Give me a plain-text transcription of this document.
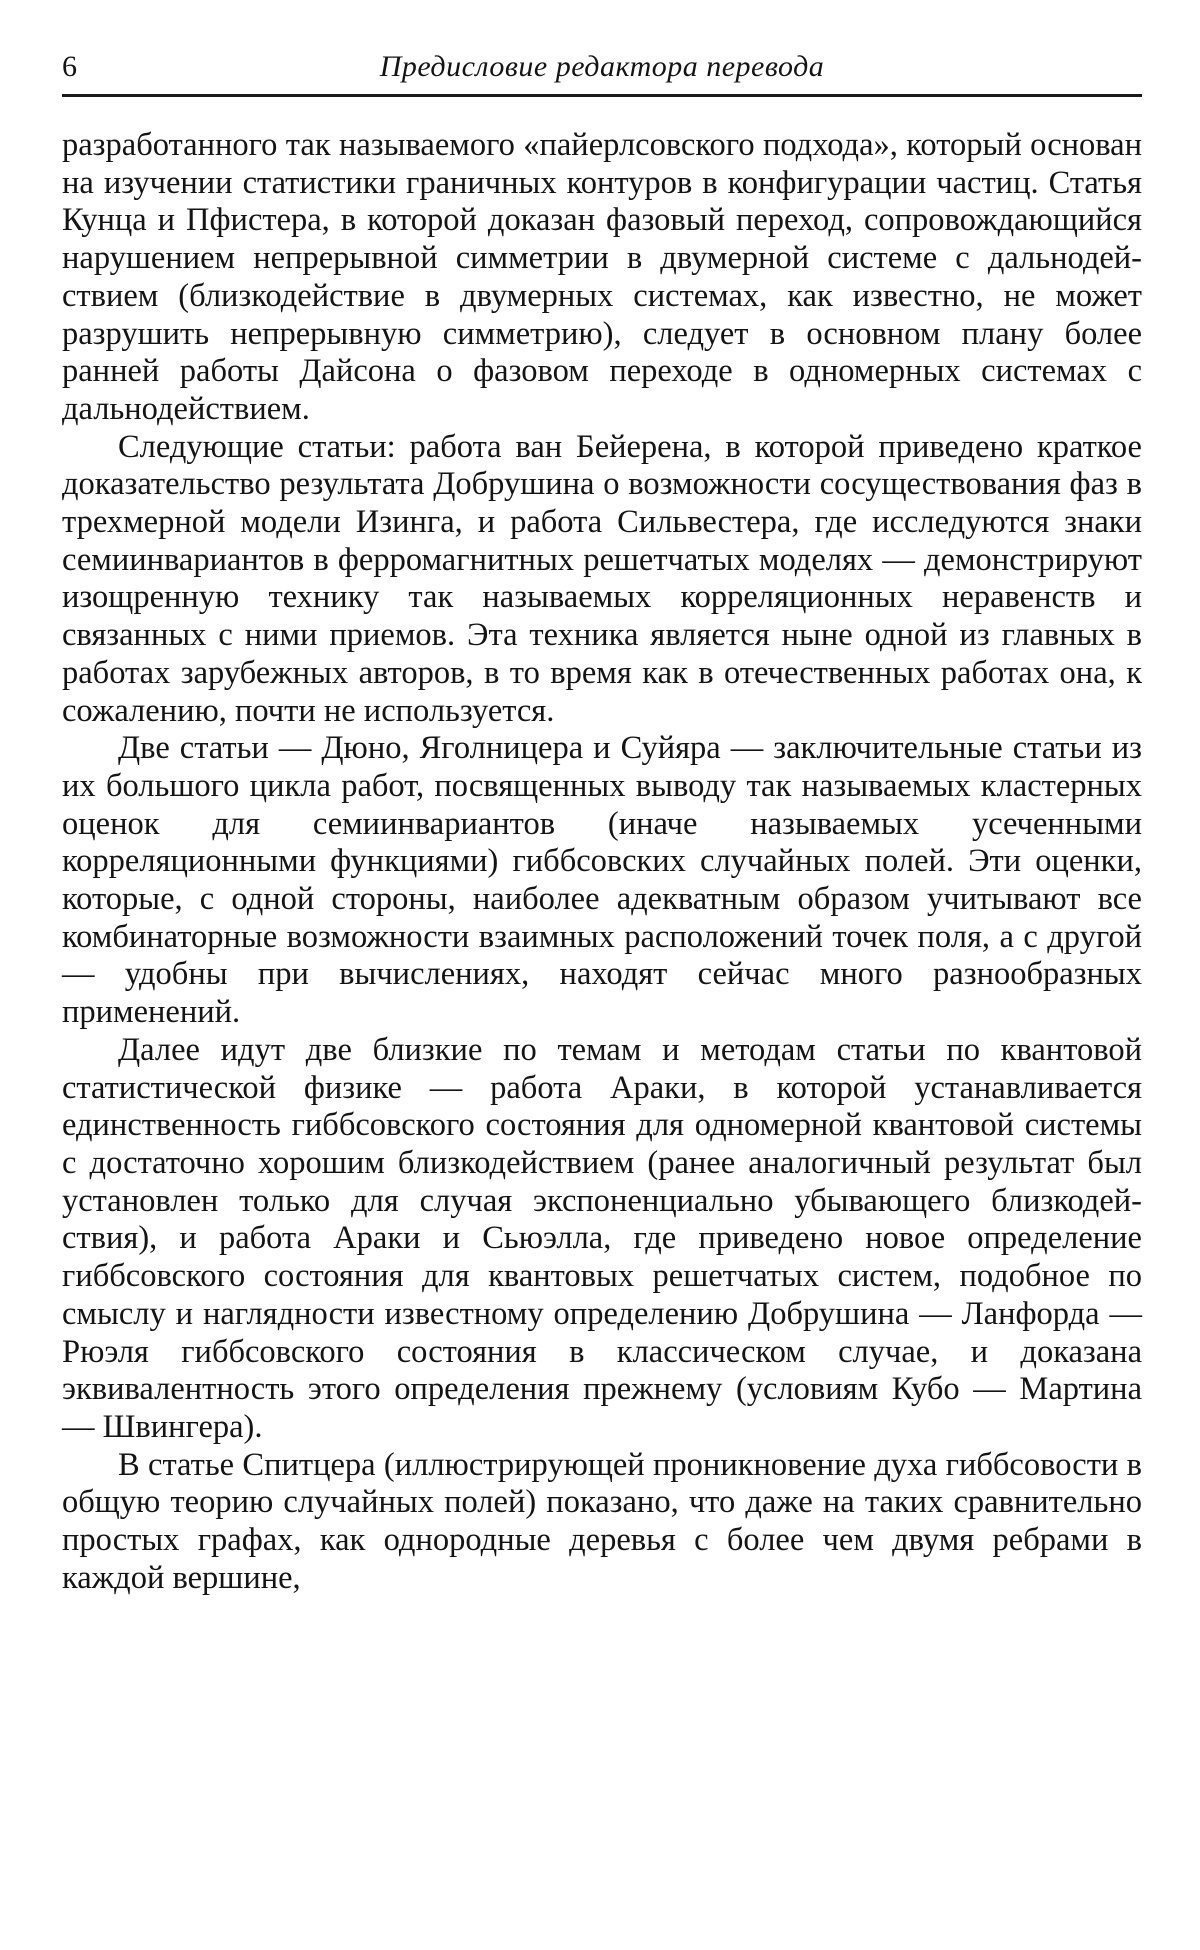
6	Предисловие редактора перевода

разработанного так называемого «пайерлсовского подхода», который основан на изучении статистики граничных контуров в конфигурации частиц. Статья Кунца и Пфистера, в которой доказан фазовый переход, сопровождающийся нарушением непрерывной симметрии в двумерной системе с дальнодействием (близкодействие в двумерных системах, как известно, не может разрушить непрерывную симметрию), следует в основном плану более ранней работы Дайсона о фазовом переходе в одномерных системах с дальнодействием.

Следующие статьи: работа ван Бейерена, в которой приведено краткое доказательство результата Добрушина о возможности сосуществования фаз в трехмерной модели Изинга, и работа Сильвестера, где исследуются знаки семиинвариантов в ферромагнитных решетчатых моделях — демонстрируют изощренную технику так называемых корреляционных неравенств и связанных с ними приемов. Эта техника является ныне одной из главных в работах зарубежных авторов, в то время как в отечественных работах она, к сожалению, почти не используется.

Две статьи — Дюно, Яголницера и Суйяра — заключительные статьи из их большого цикла работ, посвященных выводу так называемых кластерных оценок для семиинвариантов (иначе называемых усеченными корреляционными функциями) гиббсовских случайных полей. Эти оценки, которые, с одной стороны, наиболее адекватным образом учитывают все комбинаторные возможности взаимных расположений точек поля, а с другой — удобны при вычислениях, находят сейчас много разнообразных применений.

Далее идут две близкие по темам и методам статьи по квантовой статистической физике — работа Араки, в которой устанавливается единственность гиббсовского состояния для одномерной квантовой системы с достаточно хорошим близкодействием (ранее аналогичный результат был установлен только для случая экспоненциально убывающего близкодействия), и работа Араки и Сьюэлла, где приведено новое определение гиббсовского состояния для квантовых решетчатых систем, подобное по смыслу и наглядности известному определению Добрушина — Ланфорда — Рюэля гиббсовского состояния в классическом случае, и доказана эквивалентность этого определения прежнему (условиям Кубо — Мартина — Швингера).

В статье Спитцера (иллюстрирующей проникновение духа гиббсовости в общую теорию случайных полей) показано, что даже на таких сравнительно простых графах, как однородные деревья с более чем двумя ребрами в каждой вершине,
